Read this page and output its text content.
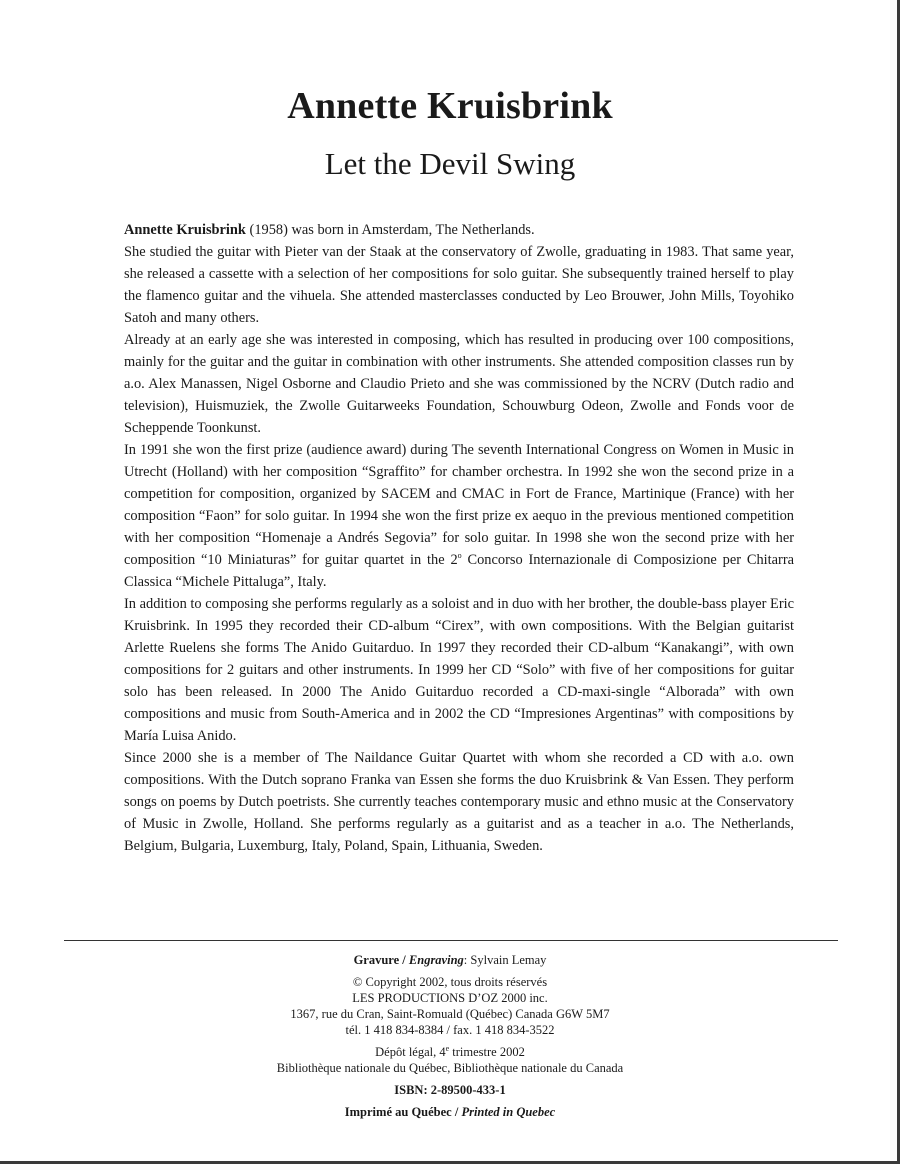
Annette Kruisbrink
Let the Devil Swing

Annette Kruisbrink (1958) was born in Amsterdam, The Netherlands.

She studied the guitar with Pieter van der Staak at the conservatory of Zwolle, graduating in 1983. That same year, she released a cassette with a selection of her compositions for solo guitar. She subsequently trained herself to play the flamenco guitar and the vihuela. She attended masterclasses conducted by Leo Brouwer, John Mills, Toyohiko Satoh and many others.

Already at an early age she was interested in composing, which has resulted in producing over 100 compositions, mainly for the guitar and the guitar in combination with other instruments. She attended composition classes run by a.o. Alex Manassen, Nigel Osborne and Claudio Prieto and she was commissioned by the NCRV (Dutch radio and television), Huismuziek, the Zwolle Guitarweeks Foundation, Schouwburg Odeon, Zwolle and Fonds voor de Scheppende Toonkunst.

In 1991 she won the first prize (audience award) during The seventh International Congress on Women in Music in Utrecht (Holland) with her composition “Sgraffito” for chamber orchestra. In 1992 she won the second prize in a competition for composition, organized by SACEM and CMAC in Fort de France, Martinique (France) with her composition “Faon” for solo guitar. In 1994 she won the first prize ex aequo in the previous mentioned competition with her composition “Homenaje a Andrés Segovia” for solo guitar. In 1998 she won the second prize with her composition “10 Miniaturas” for guitar quartet in the 2$^o$ Concorso Internazionale di Composizione per Chitarra Classica “Michele Pittaluga”, Italy.

In addition to composing she performs regularly as a soloist and in duo with her brother, the double-bass player Eric Kruisbrink. In 1995 they recorded their CD-album “Cirex”, with own compositions. With the Belgian guitarist Arlette Ruelens she forms The Anido Guitarduo. In 1997 they recorded their CD-album “Kanakangi”, with own compositions for 2 guitars and other instruments. In 1999 her CD “Solo” with five of her compositions for guitar solo has been released. In 2000 The Anido Guitarduo recorded a CD-maxi-single “Alborada” with own compositions and music from South-America and in 2002 the CD “Impresiones Argentinas” with compositions by María Luisa Anido.

Since 2000 she is a member of The Naildance Guitar Quartet with whom she recorded a CD with a.o. own compositions. With the Dutch soprano Franka van Essen she forms the duo Kruisbrink & Van Essen. They perform songs on poems by Dutch poetrists. She currently teaches contemporary music and ethno music at the Conservatory of Music in Zwolle, Holland. She performs regularly as a guitarist and as a teacher in a.o. The Netherlands, Belgium, Bulgaria, Luxemburg, Italy, Poland, Spain, Lithuania, Sweden.

Gravure / Engraving: Sylvain Lemay
© Copyright 2002, tous droits réservés
LES PRODUCTIONS D’OZ 2000 inc.
1367, rue du Cran, Saint-Romuald (Québec) Canada G6W 5M7
tél. 1 418 834-8384 / fax. 1 418 834-3522
Dépôt légal, 4e trimestre 2002
Bibliothèque nationale du Québec, Bibliothèque nationale du Canada
ISBN: 2-89500-433-1
Imprimé au Québec / Printed in Quebec
